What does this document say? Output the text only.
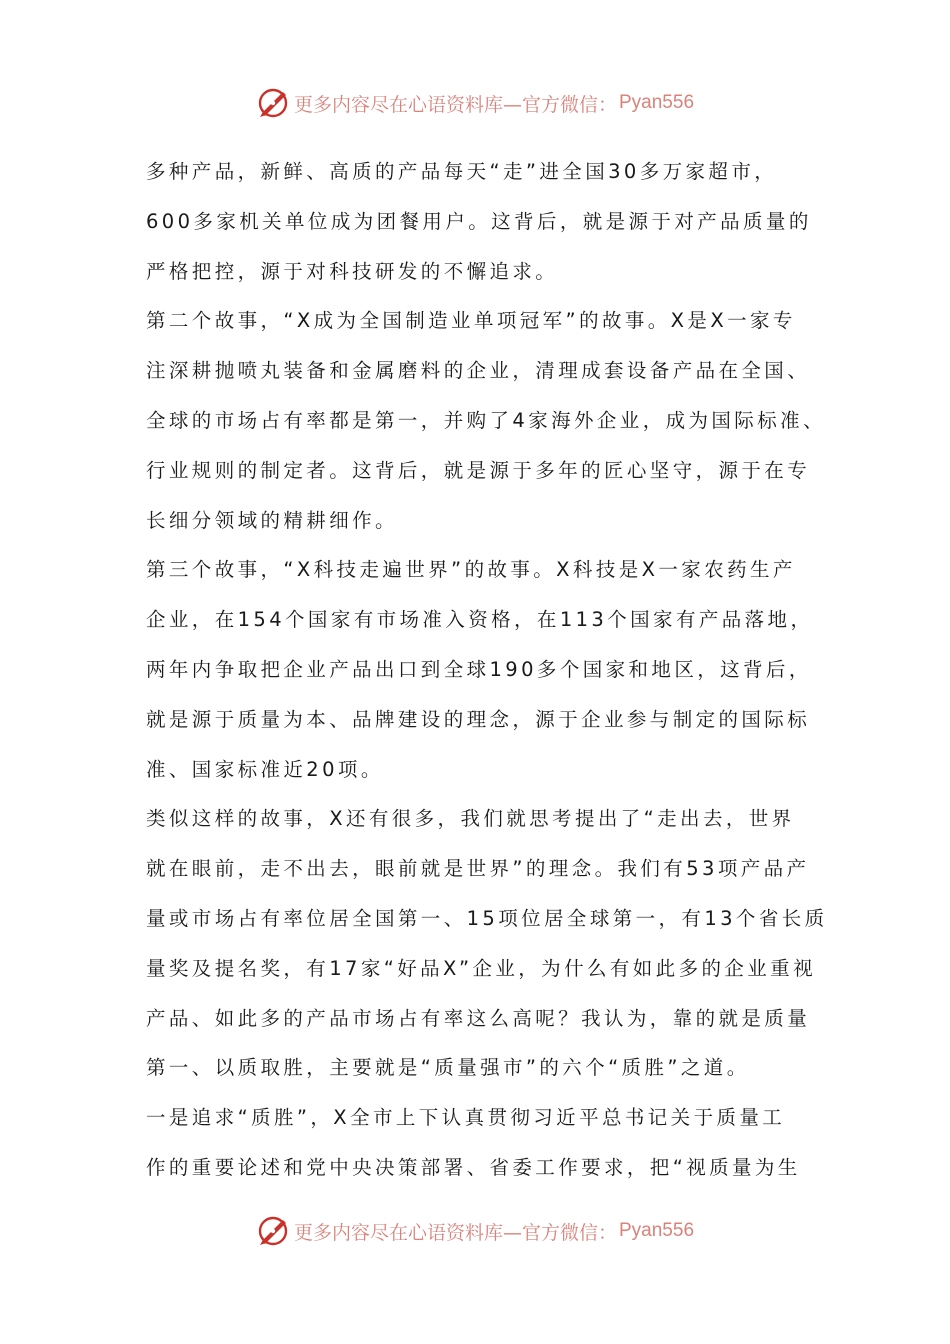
更多内容尽在心语资料库—官方微信： Pyan556
多种产品，新鲜、高质的产品每天“走”进全国30多万家超市，
600多家机关单位成为团餐用户。这背后，就是源于对产品质量的
严格把控，源于对科技研发的不懈追求。
第二个故事，“X成为全国制造业单项冠军”的故事。X是X一家专
注深耕抛喷丸装备和金属磨料的企业，清理成套设备产品在全国、
全球的市场占有率都是第一，并购了4家海外企业，成为国际标准、
行业规则的制定者。这背后，就是源于多年的匠心坚守，源于在专
长细分领域的精耕细作。
第三个故事，“X科技走遍世界”的故事。X科技是X一家农药生产
企业，在154个国家有市场准入资格，在113个国家有产品落地，
两年内争取把企业产品出口到全球190多个国家和地区，这背后，
就是源于质量为本、品牌建设的理念，源于企业参与制定的国际标
准、国家标准近20项。
类似这样的故事，X还有很多，我们就思考提出了“走出去，世界
就在眼前，走不出去，眼前就是世界”的理念。我们有53项产品产
量或市场占有率位居全国第一、15项位居全球第一，有13个省长质
量奖及提名奖，有17家“好品X”企业，为什么有如此多的企业重视
产品、如此多的产品市场占有率这么高呢？我认为，靠的就是质量
第一、以质取胜，主要就是“质量强市”的六个“质胜”之道。
一是追求“质胜”，X全市上下认真贯彻习近平总书记关于质量工
作的重要论述和党中央决策部署、省委工作要求，把“视质量为生
更多内容尽在心语资料库—官方微信： Pyan556
